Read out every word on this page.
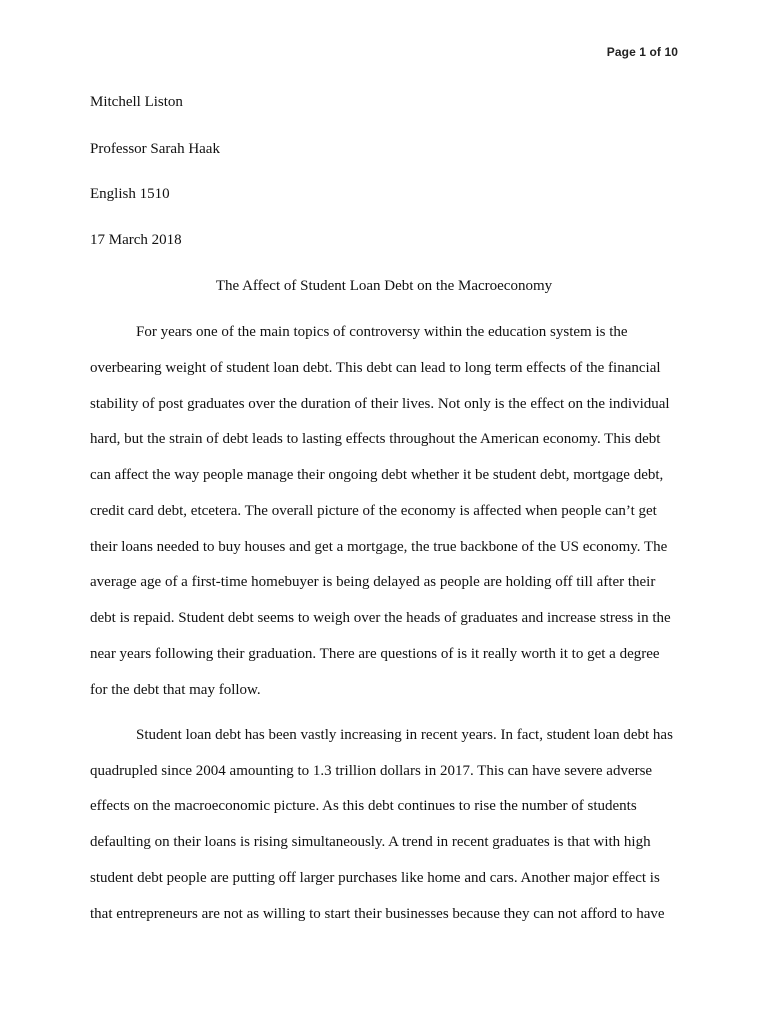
Page 1 of 10
Mitchell Liston
Professor Sarah Haak
English 1510
17 March 2018
The Affect of Student Loan Debt on the Macroeconomy
For years one of the main topics of controversy within the education system is the
overbearing weight of student loan debt. This debt can lead to long term effects of the financial
stability of post graduates over the duration of their lives. Not only is the effect on the individual
hard, but the strain of debt leads to lasting effects throughout the American economy. This debt
can affect the way people manage their ongoing debt whether it be student debt, mortgage debt,
credit card debt, etcetera. The overall picture of the economy is affected when people can’t get
their loans needed to buy houses and get a mortgage, the true backbone of the US economy. The
average age of a first-time homebuyer is being delayed as people are holding off till after their
debt is repaid. Student debt seems to weigh over the heads of graduates and increase stress in the
near years following their graduation. There are questions of is it really worth it to get a degree
for the debt that may follow.
Student loan debt has been vastly increasing in recent years. In fact, student loan debt has
quadrupled since 2004 amounting to 1.3 trillion dollars in 2017. This can have severe adverse
effects on the macroeconomic picture. As this debt continues to rise the number of students
defaulting on their loans is rising simultaneously. A trend in recent graduates is that with high
student debt people are putting off larger purchases like home and cars. Another major effect is
that entrepreneurs are not as willing to start their businesses because they can not afford to have
